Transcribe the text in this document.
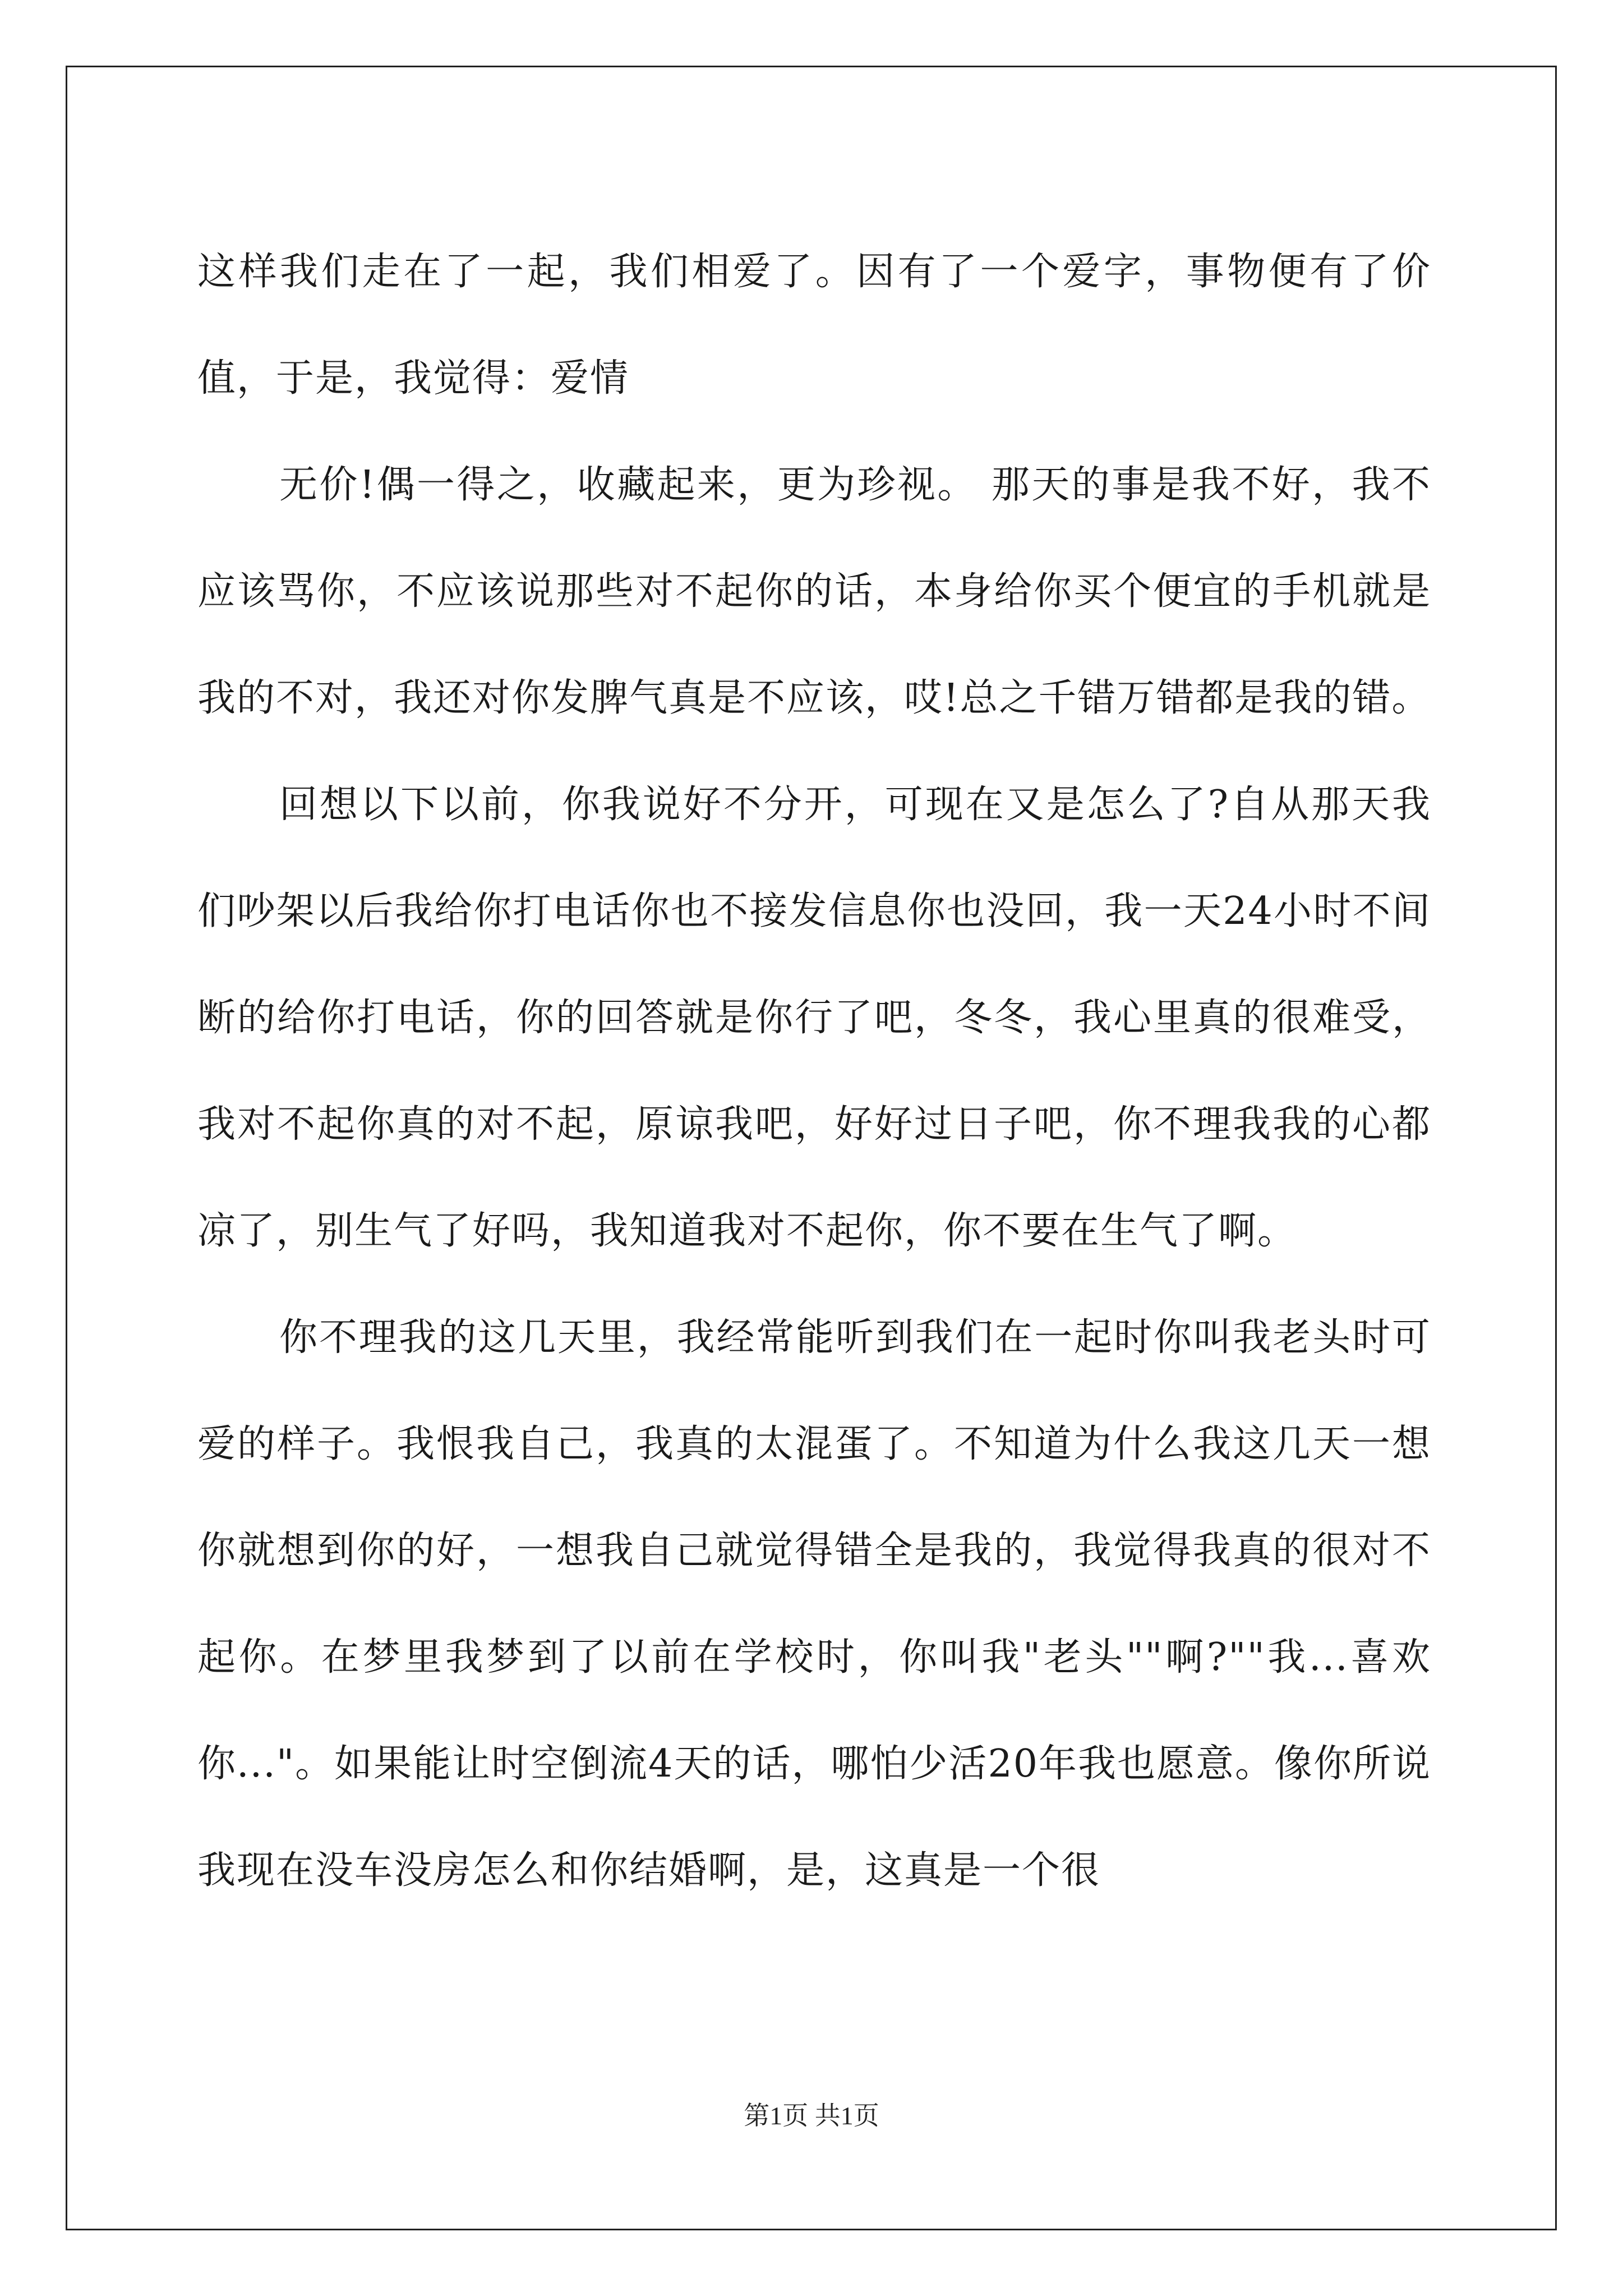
这样我们走在了一起，我们相爱了。因有了一个爱字，事物便有了价值，于是，我觉得：爱情

无价!偶一得之，收藏起来，更为珍视。 那天的事是我不好，我不应该骂你，不应该说那些对不起你的话，本身给你买个便宜的手机就是我的不对，我还对你发脾气真是不应该，哎!总之千错万错都是我的错。

回想以下以前，你我说好不分开，可现在又是怎么了?自从那天我们吵架以后我给你打电话你也不接发信息你也没回，我一天24小时不间断的给你打电话，你的回答就是你行了吧，冬冬，我心里真的很难受，我对不起你真的对不起，原谅我吧，好好过日子吧，你不理我我的心都凉了，别生气了好吗，我知道我对不起你，你不要在生气了啊。

你不理我的这几天里，我经常能听到我们在一起时你叫我老头时可爱的样子。我恨我自己，我真的太混蛋了。不知道为什么我这几天一想你就想到你的好，一想我自己就觉得错全是我的，我觉得我真的很对不起你。在梦里我梦到了以前在学校时，你叫我"老头""啊?""我...喜欢你..."。如果能让时空倒流4天的话，哪怕少活20年我也愿意。像你所说我现在没车没房怎么和你结婚啊，是，这真是一个很

第1页 共1页
